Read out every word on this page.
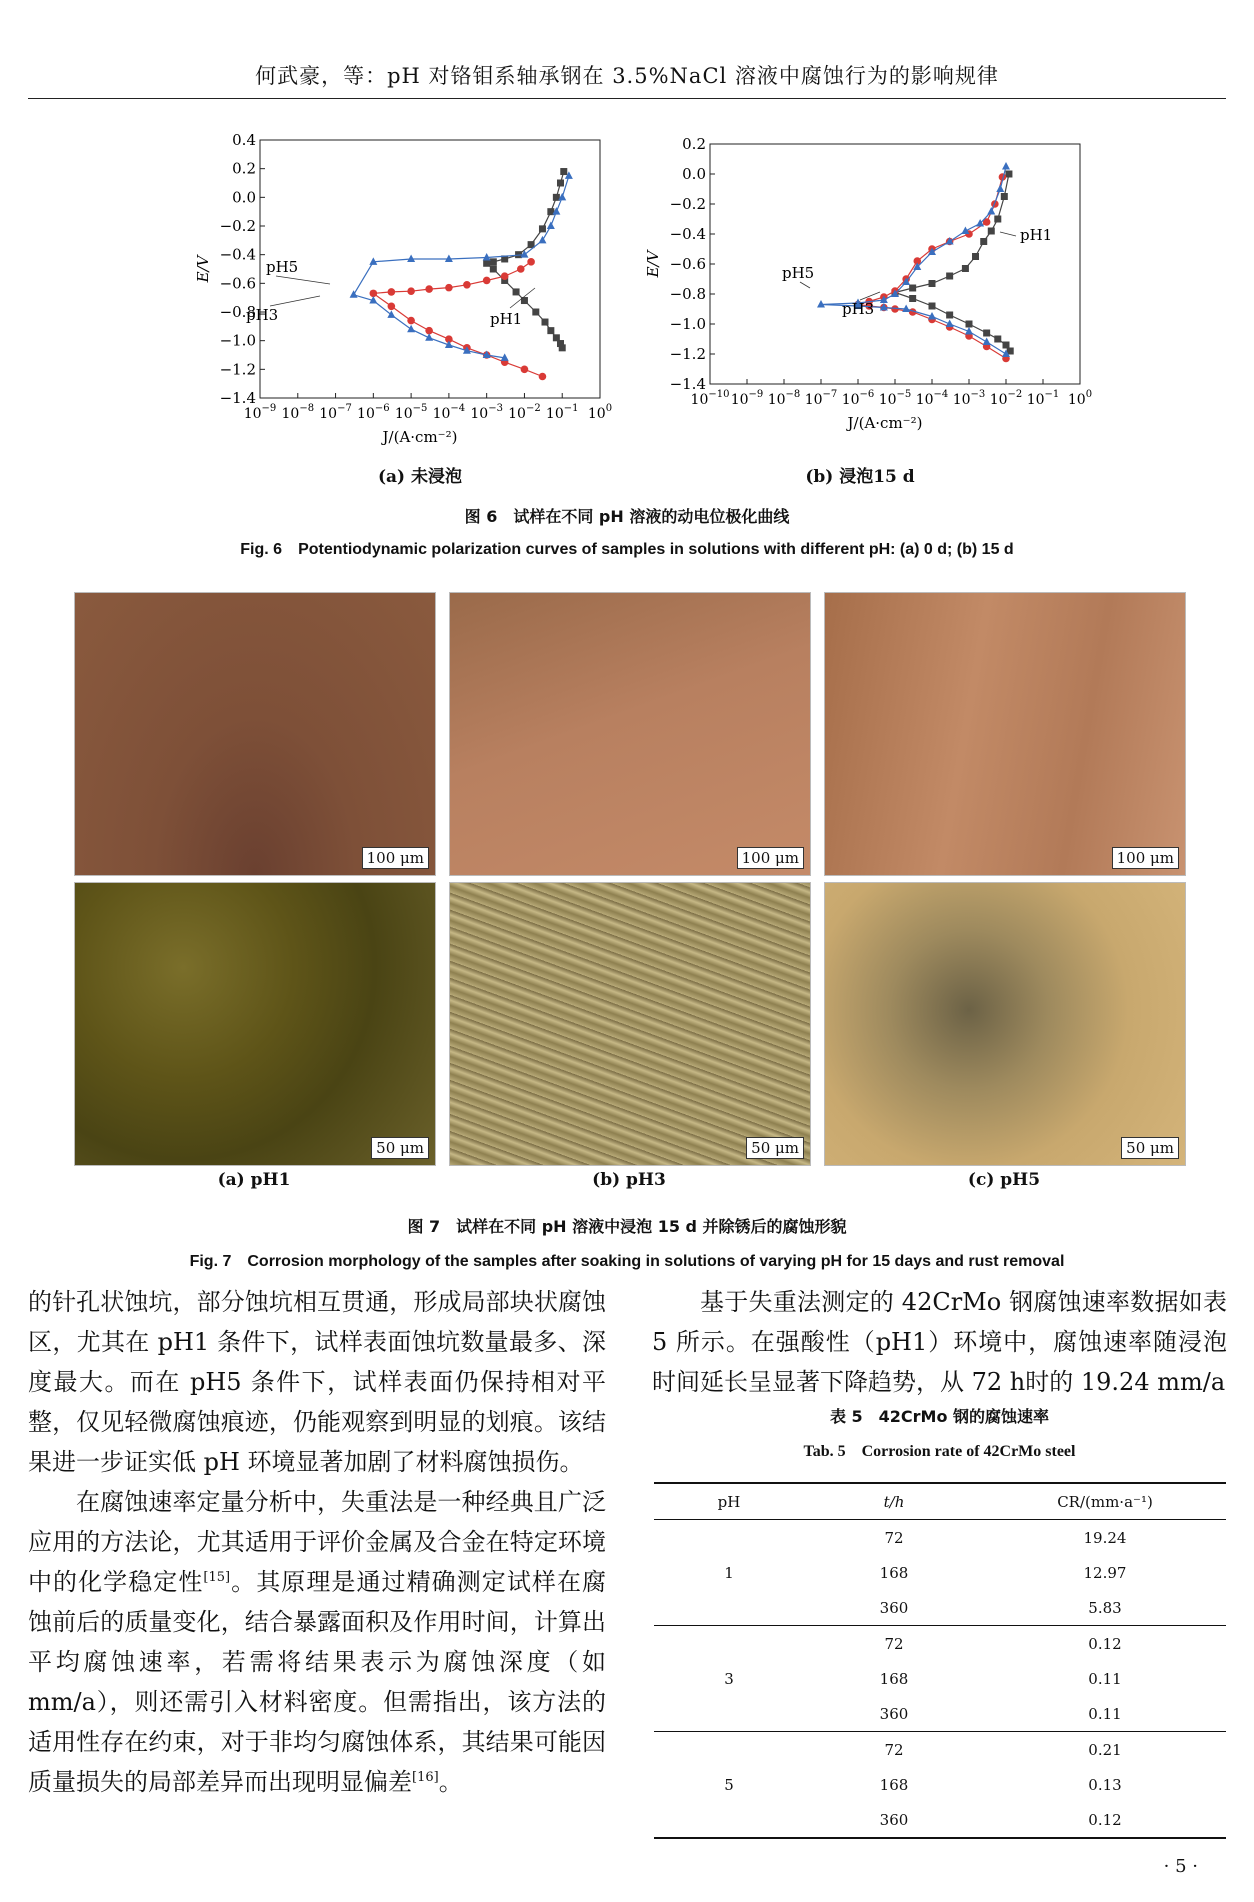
何武豪，等：pH 对铬钼系轴承钢在 3.5%NaCl 溶液中腐蚀行为的影响规律
0.4
0.2
0.0
−0.2
−0.4
−0.6
−0.8
−1.0
−1.2
−1.4
$10^{-9}$ $10^{-8}$ $10^{-7}$ $10^{-6}$ $10^{-5}$ $10^{-4}$ $10^{-3}$ $10^{-2}$ $10^{-1}$ $10^0$
J/(A·cm⁻²)
E/V	pH5
pH3	pH1
0.2
0.0
−0.2
−0.4
−0.6
−0.8
−1.0
−1.2
−1.4
$10^{-10}$ $10^{-9}$ $10^{-8}$ $10^{-7}$ $10^{-6}$ $10^{-5}$ $10^{-4}$ $10^{-3}$ $10^{-2}$ $10^{-1}$ $10^0$
J/(A·cm⁻²)
E/V
pH1
pH5
pH3
(a) 未浸泡	(b) 浸泡15 d
图 6　试样在不同 pH 溶液的动电位极化曲线
Fig. 6　Potentiodynamic polarization curves of samples in solutions with different pH: (a) 0 d; (b) 15 d
100 μm	100 μm	100 μm
50 μm	50 μm	50 μm
(a) pH1	(b) pH3	(c) pH5
图 7　试样在不同 pH 溶液中浸泡 15 d 并除锈后的腐蚀形貌
Fig. 7　Corrosion morphology of the samples after soaking in solutions of varying pH for 15 days and rust removal

的针孔状蚀坑，部分蚀坑相互贯通，形成局部块状腐蚀区，尤其在 pH1 条件下，试样表面蚀坑数量最多、深度最大。而在 pH5 条件下，试样表面仍保持相对平整，仅见轻微腐蚀痕迹，仍能观察到明显的划痕。该结果进一步证实低 pH 环境显著加剧了材料腐蚀损伤。

在腐蚀速率定量分析中，失重法是一种经典且广泛应用的方法论，尤其适用于评价金属及合金在特定环境中的化学稳定性[15]。其原理是通过精确测定试样在腐蚀前后的质量变化，结合暴露面积及作用时间，计算出平均腐蚀速率，若需将结果表示为腐蚀深度（如 mm/a），则还需引入材料密度。但需指出，该方法的适用性存在约束，对于非均匀腐蚀体系，其结果可能因质量损失的局部差异而出现明显偏差[16]。

基于失重法测定的 42CrMo 钢腐蚀速率数据如表 5 所示。在强酸性（pH1）环境中，腐蚀速率随浸泡时间延长呈显著下降趋势，从 72 h时的 19.24 mm/a

表 5　42CrMo 钢的腐蚀速率
Tab. 5　Corrosion rate of 42CrMo steel
pH	t/h	CR/(mm·a⁻¹)
1	72	19.24
	168	12.97
	360	5.83
3	72	0.12
	168	0.11
	360	0.11
5	72	0.21
	168	0.13
	360	0.12
· 5 ·
